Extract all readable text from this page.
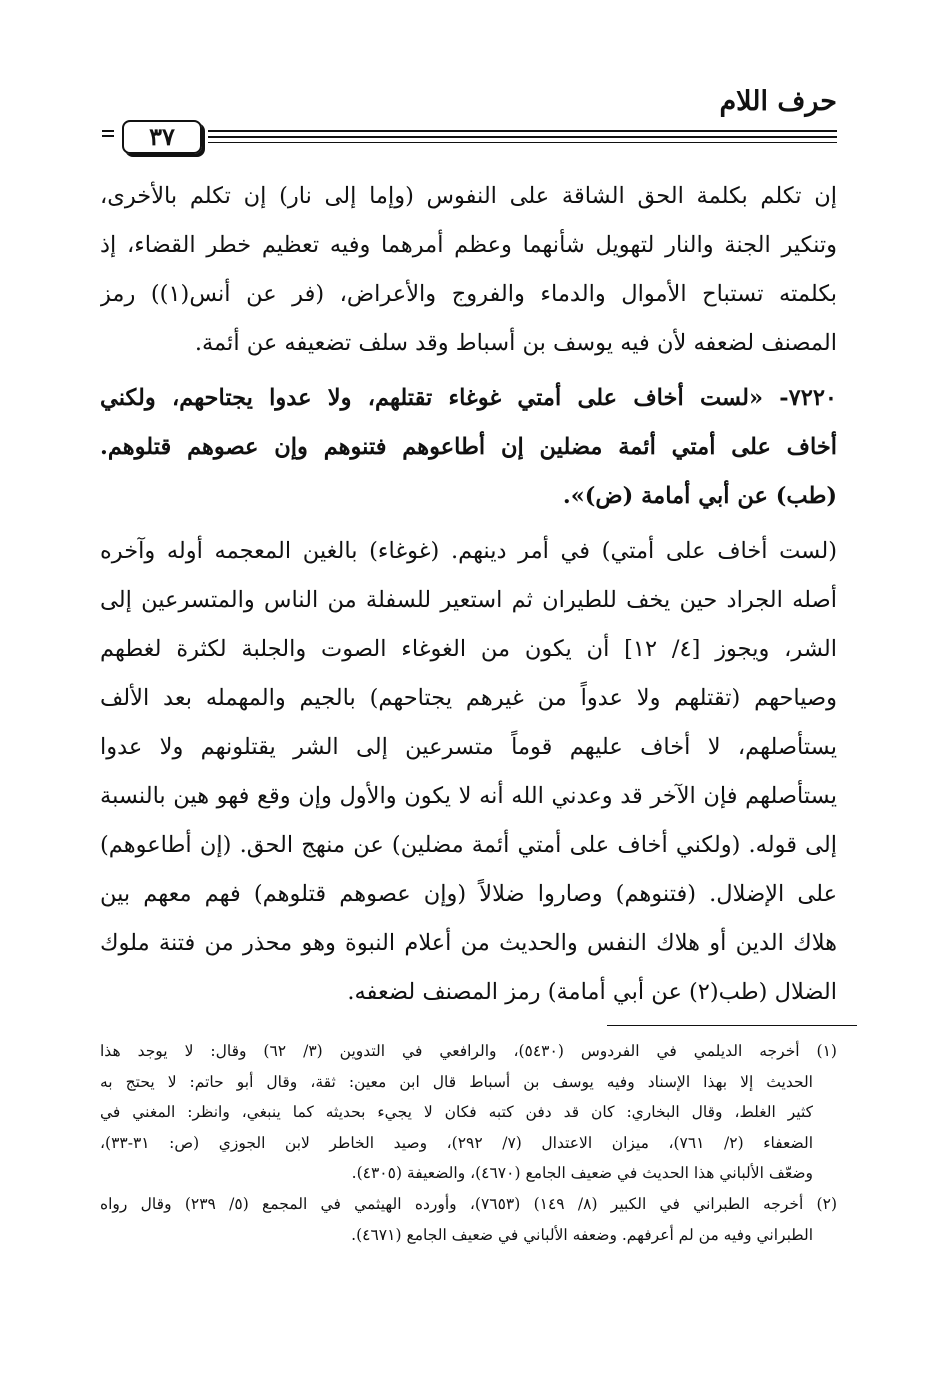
حرف اللام
٣٧
إن تكلم بكلمة الحق الشاقة على النفوس (وإما إلى نار) إن تكلم بالأخرى،
وتنكير الجنة والنار لتهويل شأنهما وعظم أمرهما وفيه تعظيم خطر القضاء، إذ
بكلمته تستباح الأموال والدماء والفروج والأعراض، (فر عن أنس(١)) رمز
المصنف لضعفه لأن فيه يوسف بن أسباط وقد سلف تضعيفه عن أئمة.
٧٢٢٠- «لست أخاف على أمتي غوغاء تقتلهم، ولا عدوا يجتاحهم، ولكني
أخاف على أمتي أئمة مضلين إن أطاعوهم فتنوهم وإن عصوهم قتلوهم.
(طب) عن أبي أمامة (ض)».
(لست أخاف على أمتي) في أمر دينهم. (غوغاء) بالغين المعجمه أوله وآخره
أصله الجراد حين يخف للطيران ثم استعير للسفلة من الناس والمتسرعين إلى
الشر، ويجوز [٤/ ١٢] أن يكون من الغوغاء الصوت والجلبة لكثرة لغطهم
وصياحهم (تقتلهم ولا عدواً من غيرهم يجتاحهم) بالجيم والمهمله بعد الألف
يستأصلهم، لا أخاف عليهم قوماً متسرعين إلى الشر يقتلونهم ولا عدوا
يستأصلهم فإن الآخر قد وعدني الله أنه لا يكون والأول وإن وقع فهو هين بالنسبة
إلى قوله. (ولكني أخاف على أمتي أئمة مضلين) عن منهج الحق. (إن أطاعوهم)
على الإضلال. (فتنوهم) وصاروا ضلالاً (وإن عصوهم قتلوهم) فهم معهم بين
هلاك الدين أو هلاك النفس والحديث من أعلام النبوة وهو محذر من فتنة ملوك
الضلال (طب(٢) عن أبي أمامة) رمز المصنف لضعفه.
(١) أخرجه الديلمي في الفردوس (٥٤٣٠)، والرافعي في التدوين (٣/ ٦٢) وقال: لا يوجد هذا
الحديث إلا بهذا الإسناد وفيه يوسف بن أسباط قال ابن معين: ثقة، وقال أبو حاتم: لا يحتج به
كثير الغلط، وقال البخاري: كان قد دفن كتبه فكان لا يجيء بحديثه كما ينبغي، وانظر: المغني في
الضعفاء (٢/ ٧٦١)، ميزان الاعتدال (٧/ ٢٩٢)، وصيد الخاطر لابن الجوزي (ص: ٣١-٣٣)،
وضعّف الألباني هذا الحديث في ضعيف الجامع (٤٦٧٠)، والضعيفة (٤٣٠٥).
(٢) أخرجه الطبراني في الكبير (٨/ ١٤٩) (٧٦٥٣)، وأورده الهيثمي في المجمع (٥/ ٢٣٩) وقال رواه
الطبراني وفيه من لم أعرفهم. وضعفه الألباني في ضعيف الجامع (٤٦٧١).
